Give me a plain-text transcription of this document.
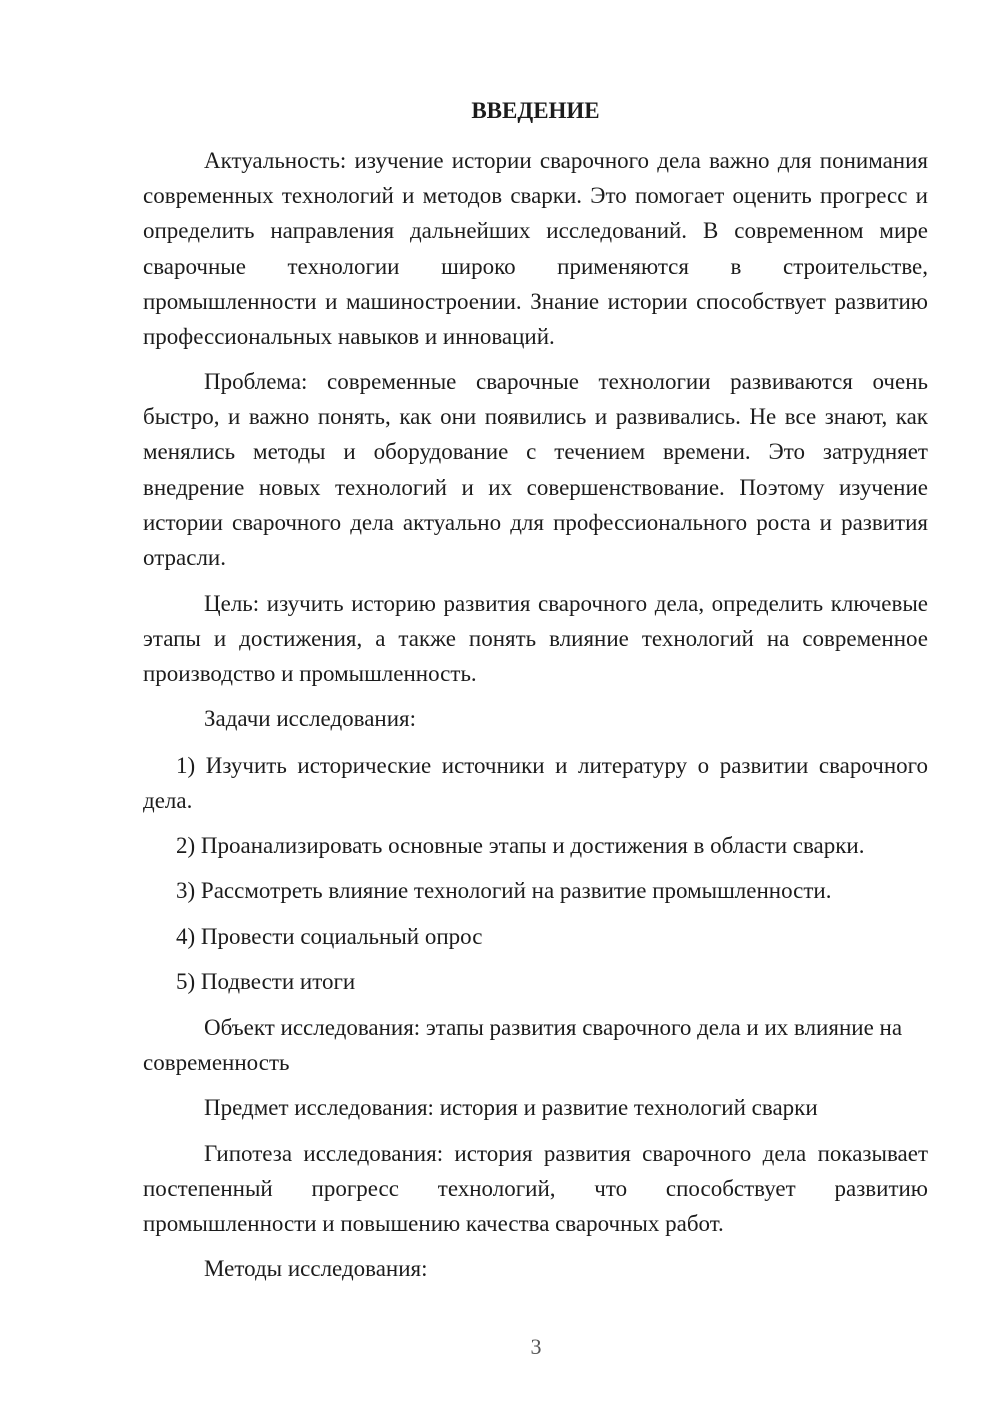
ВВЕДЕНИЕ

Актуальность: изучение истории сварочного дела важно для понимания современных технологий и методов сварки. Это помогает оценить прогресс и определить направления дальнейших исследований. В современном мире сварочные технологии широко применяются в строительстве, промышленности и машиностроении. Знание истории способствует развитию профессиональных навыков и инноваций.

Проблема: современные сварочные технологии развиваются очень быстро, и важно понять, как они появились и развивались. Не все знают, как менялись методы и оборудование с течением времени. Это затрудняет внедрение новых технологий и их совершенствование. Поэтому изучение истории сварочного дела актуально для профессионального роста и развития отрасли.

Цель: изучить историю развития сварочного дела, определить ключевые этапы и достижения, а также понять влияние технологий на современное производство и промышленность.

Задачи исследования:

1) Изучить исторические источники и литературу о развитии сварочного дела.

2) Проанализировать основные этапы и достижения в области сварки.

3) Рассмотреть влияние технологий на развитие промышленности.

4) Провести социальный опрос

5) Подвести итоги

Объект исследования: этапы развития сварочного дела и их влияние на современность

Предмет исследования: история и развитие технологий сварки

Гипотеза исследования: история развития сварочного дела показывает постепенный прогресс технологий, что способствует развитию промышленности и повышению качества сварочных работ.

Методы исследования:

3
